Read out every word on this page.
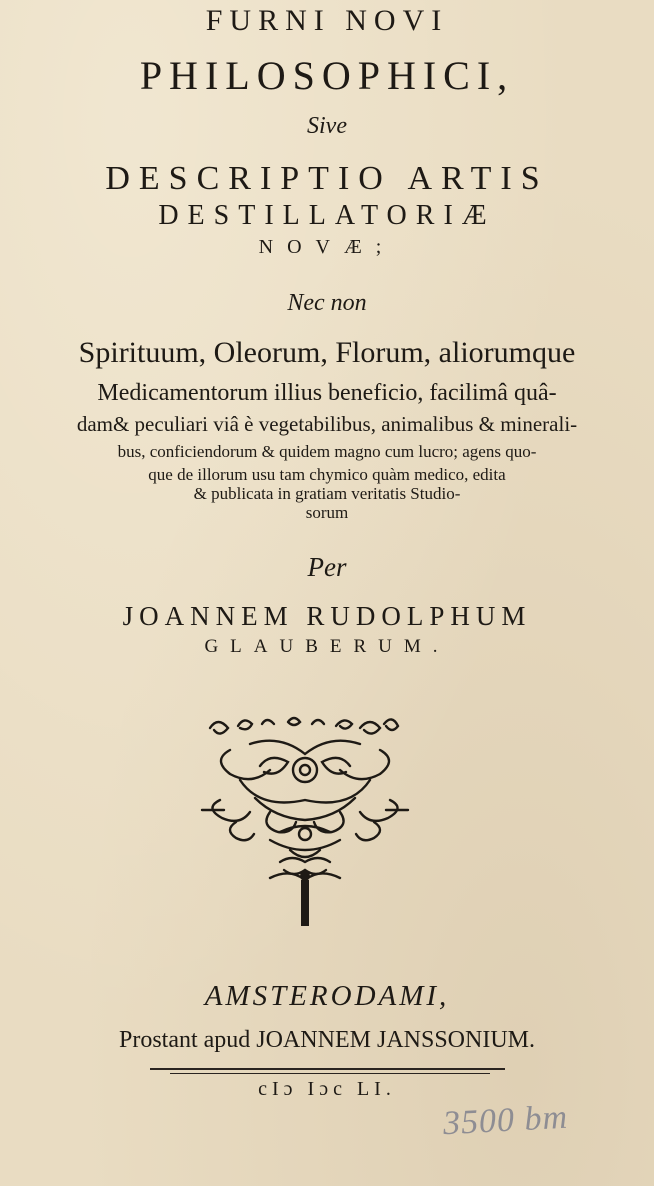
FURNI NOVI
PHILOSOPHICI,
Sive
DESCRIPTIO ARTIS
DESTILLATORIÆ
NOVÆ;
Nec non
Spirituum, Oleorum, Florum, aliorumque
Medicamentorum illius beneficio, facilimâ quâ-
dam& peculiari viâ è vegetabilibus, animalibus & minerali-
bus, conficiendorum & quidem magno cum lucro; agens quo-
que de illorum usu tam chymico quàm medico, edita
& publicata in gratiam veritatis Studio-
sorum
Per
JOANNEM RUDOLPHUM
GLAUBERUM.
AMSTERODAMI,
Prostant apud JOANNEM JANSSONIUM.
cIɔ Iɔc LI.
3500 bm
